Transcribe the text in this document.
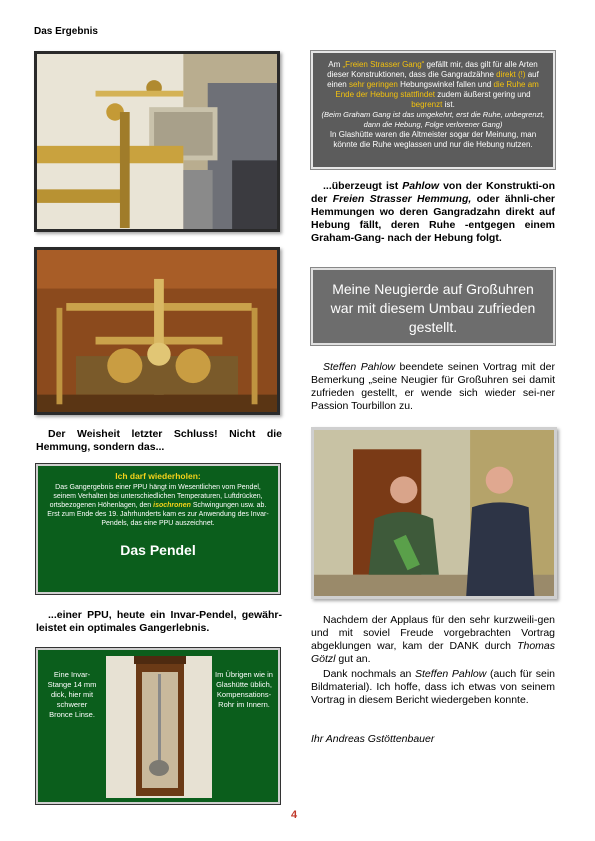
Das Ergebnis
Der Weisheit letzter Schluss! Nicht die Hemmung, sondern das...
Ich darf wiederholen:
Das Gangergebnis einer PPU hängt im Wesentlichen vom Pendel, seinem Verhalten bei unterschiedlichen Temperaturen, Luftdrücken, ortsbezogenen Höhenlagen, den isochronen Schwingungen usw. ab. Erst zum Ende des 19. Jahrhunderts kam es zur Anwendung des Invar-Pendels, das eine PPU auszeichnet.
Das Pendel
...einer PPU, heute ein Invar-Pendel, gewähr-leistet ein optimales Gangerlebnis.
Eine Invar-Stange 14 mm dick, hier mit schwerer Bronce Linse.
Im Übrigen wie in Glashütte üblich, Kompensations-Rohr im Innern.
Am „Freien Strasser Gang“ gefällt mir, das gilt für alle Arten dieser Konstruktionen, dass die Gangradzähne direkt (!) auf einen sehr geringen Hebungswinkel fallen und die Ruhe am Ende der Hebung stattfindet zudem äußerst gering und begrenzt ist.
(Beim Graham Gang ist das umgekehrt, erst die Ruhe, unbegrenzt, dann die Hebung, Folge verlorener Gang)
In Glashütte waren die Altmeister sogar der Meinung, man könnte die Ruhe weglassen und nur die Hebung nutzen.
...überzeugt ist Pahlow von der Konstrukti-on der Freien Strasser Hemmung, oder ähnli-cher Hemmungen wo deren Gangradzahn direkt auf Hebung fällt, deren Ruhe -entgegen einem Graham-Gang- nach der Hebung folgt.
Meine Neugierde auf Großuhren war mit diesem Umbau zufrieden gestellt.
Steffen Pahlow beendete seinen Vortrag mit der Bemerkung „seine Neugier für Großuhren sei damit zufrieden gestellt, er wende sich wieder sei-ner Passion Tourbillon zu.
Nachdem der Applaus für den sehr kurzweili-gen und mit soviel Freude vorgebrachten Vortrag abgeklungen war, kam der DANK durch Thomas Götzl gut an.
Dank nochmals an Steffen Pahlow (auch für sein Bildmaterial). Ich hoffe, dass ich etwas von seinem Vortrag in diesem Bericht wiedergeben konnte.
Ihr Andreas Gstöttenbauer
4
